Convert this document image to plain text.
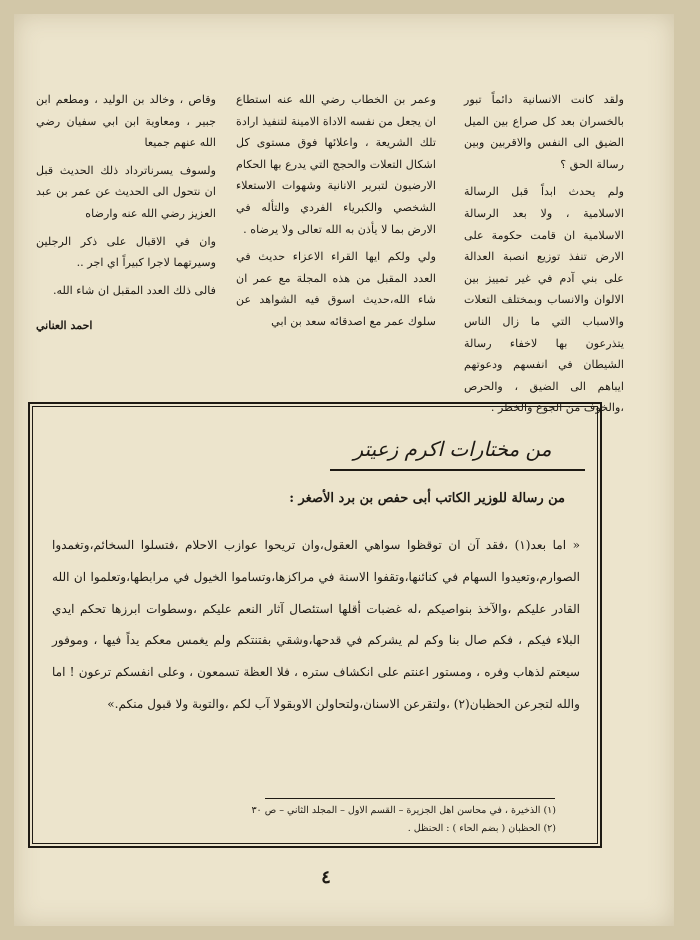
ولقد كانت الانسانية دائماً تبور بالخسران بعد كل صراع بين الميل الضيق الى النفس والاقربين وبين رسالة الحق ؟

ولم يحدث ابداً قبل الرسالة الاسلامية ، ولا بعد الرسالة الاسلامية ان قامت حكومة على الارض تنفذ توزيع انصبة العدالة على بني آدم في غير تمييز بين الالوان والانساب وبمختلف التعلات والاسباب التي ما زال الناس يتذرعون بها لاخفاء رسالة الشيطان في انفسهم ودعوتهم ايباهم الى الضيق ، والحرص ،والخوف من الجوع والخطر .

وعمر بن الخطاب رضي الله عنه استطاع ان يجعل من نفسه الاداة الامينة لتنفيذ ارادة تلك الشريعة ، واعلائها فوق مستوى كل اشكال التعلات والحجج التي يدرع بها الحكام الارضيون لتبرير الانانية وشهوات الاستعلاء الشخصي والكبرياء الفردي والتأله في الارض بما لا يأذن به الله تعالى ولا يرضاه .

ولي ولكم ايها القراء الاعزاء حديث في العدد المقبل من هذه المجلة مع عمر ان شاء الله،حديث اسوق فيه الشواهد عن سلوك عمر مع اصدقائه سعد بن ابي

وقاص ، وخالد بن الوليد ، ومطعم ابن جبير ، ومعاوية ابن ابي سفيان رضي الله عنهم جميعا

ولسوف يسرناترداد ذلك الحديث قبل ان نتحول الى الحديث عن عمر بن عبد العزيز رضي الله عنه وارضاه

وان في الاقبال على ذكر الرجلين وسيرتهما لاجرا كبيراً اي اجر ..

فالى ذلك العدد المقبل ان شاء الله.

احمد العناني
من مختارات اكرم زعيتر
من رسالة للوزير الكاتب أبى حفص بن برد الأصغر :
« اما بعد(١) ،فقد آن ان توقظوا سواهي العقول،وان تريحوا عوازب الاحلام ،فتسلوا السخائم،وتغمدوا الصوارم،وتعيدوا السهام في كنائنها،وتقفوا الاسنة في مراكزها،وتساموا الخيول في مرابطها،وتعلموا ان الله القادر عليكم ،والآخذ بنواصيكم ،له غضبات أقلها استئصال آثار النعم عليكم ،وسطوات ابرزها تحكم ايدي البلاء فيكم ، فكم صال بنا وكم لم يشركم في قدحها،وشقي بفتنتكم ولم يغمس معكم يداً فيها ، وموفور سيعتم لذهاب وفره ، ومستور اعنتم على انكشاف ستره ، فلا العظة تسمعون ، وعلى انفسكم ترعون ! اما والله لتجرعن الحظبان(٢) ،ولتقرعن الاسنان،ولتحاولن الاوبقولا آب لكم ،والتوبة ولا قبول منكم.»
(١) الذخيرة ، في محاسن اهل الجزيرة – القسم الاول – المجلد الثاني – ص ٣٠
(٢) الحظبان ( بضم الحاء ) : الحنظل .
٤
